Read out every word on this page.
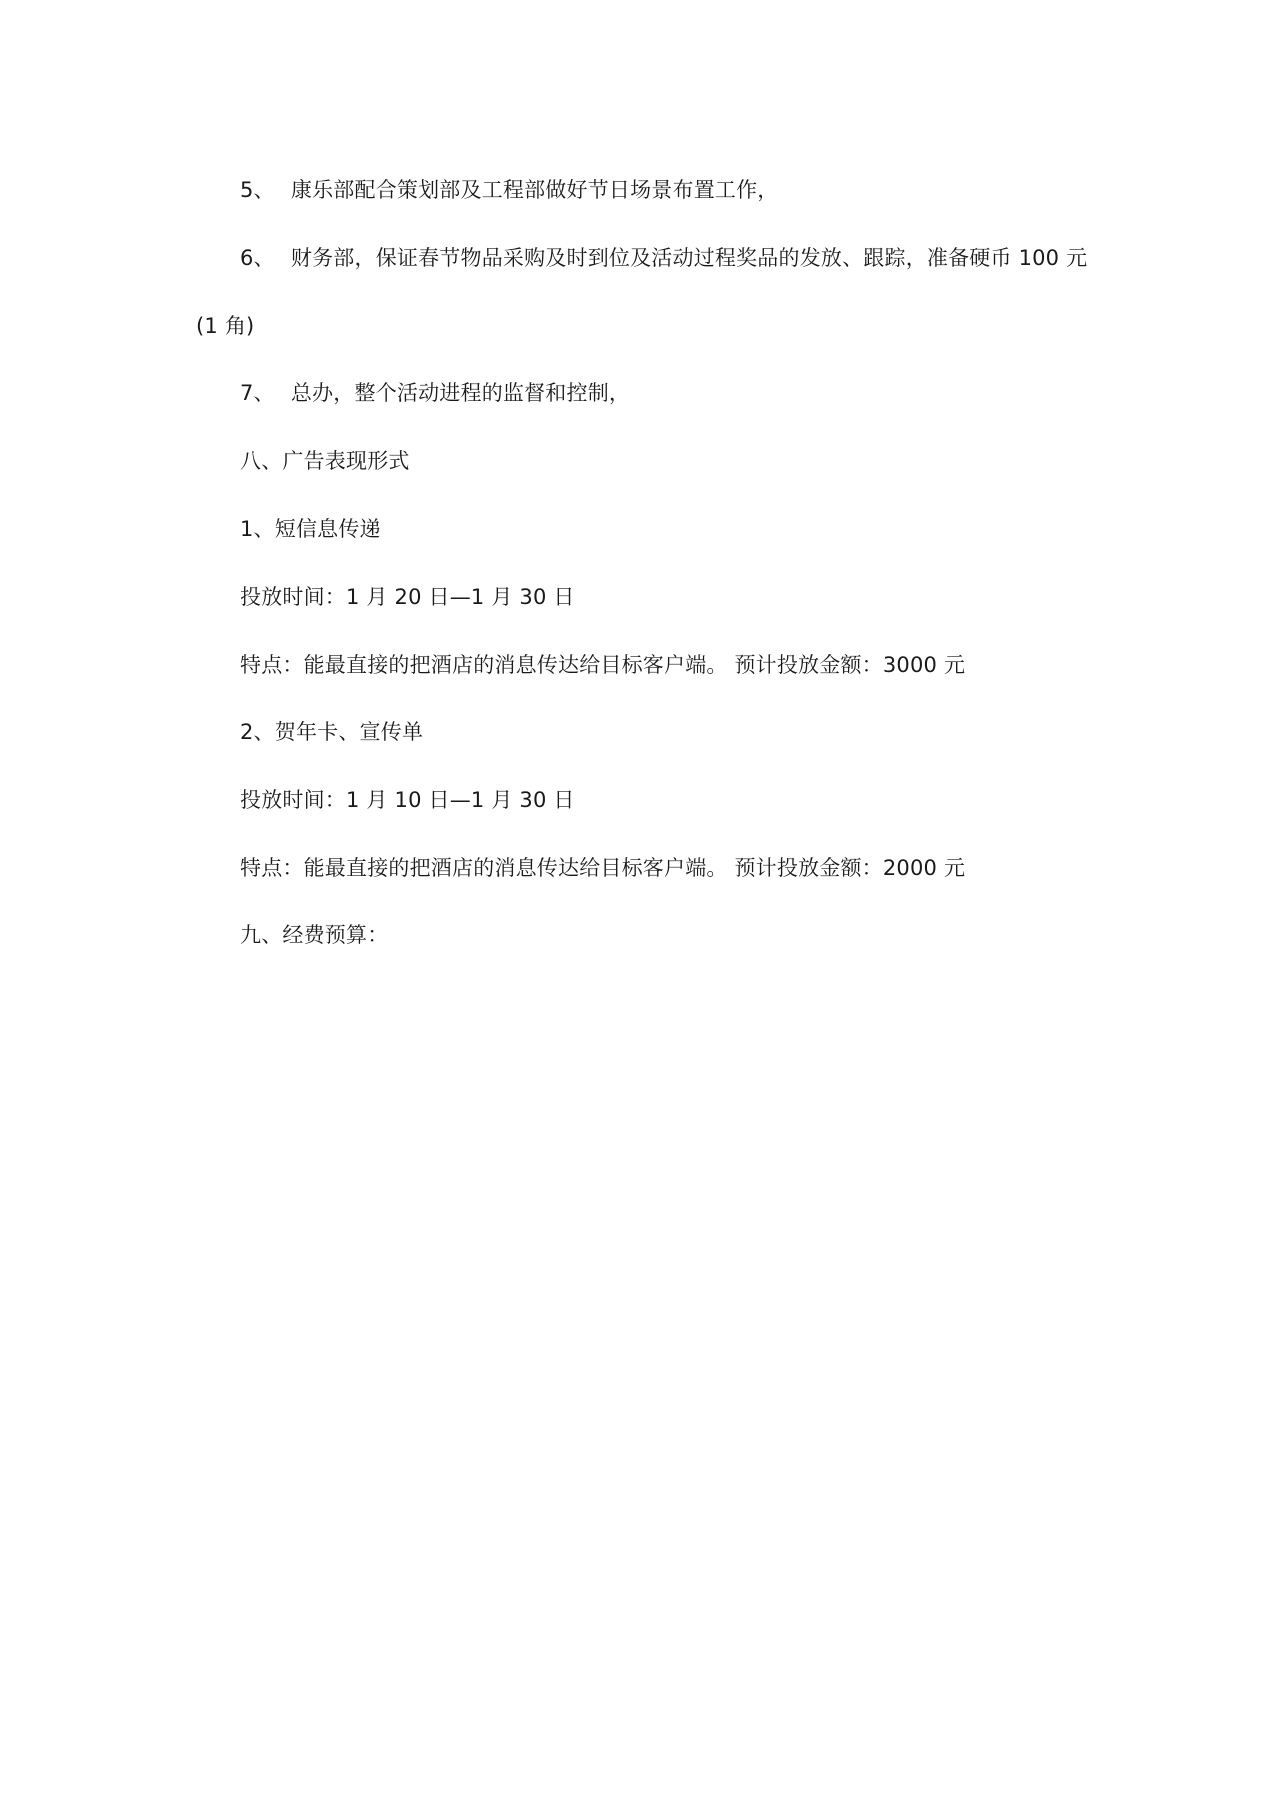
5、 康乐部配合策划部及工程部做好节日场景布置工作，
6、 财务部，保证春节物品采购及时到位及活动过程奖品的发放、跟踪，准备硬币 100 元
(1 角)
7、 总办，整个活动进程的监督和控制，
八、广告表现形式
1、短信息传递
投放时间：1 月 20 日—1 月 30 日
特点：能最直接的把酒店的消息传达给目标客户端。 预计投放金额：3000 元
2、贺年卡、宣传单
投放时间：1 月 10 日—1 月 30 日
特点：能最直接的把酒店的消息传达给目标客户端。 预计投放金额：2000 元
九、经费预算：
